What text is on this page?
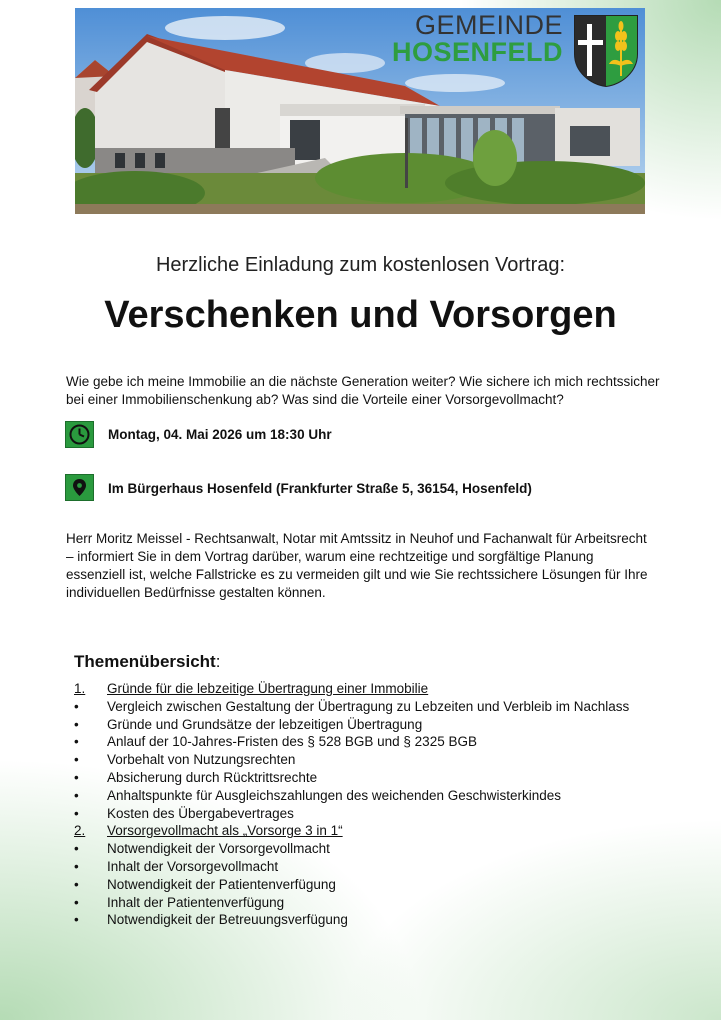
GEMEINDE
HOSENFELD
Herzliche Einladung zum kostenlosen Vortrag:
Verschenken und Vorsorgen
Wie gebe ich meine Immobilie an die nächste Generation weiter? Wie sichere ich mich rechtssicher bei einer Immobilienschenkung ab? Was sind die Vorteile einer Vorsorgevollmacht?
Montag, 04. Mai 2026 um 18:30 Uhr
Im Bürgerhaus Hosenfeld (Frankfurter Straße 5, 36154, Hosenfeld)
Herr Moritz Meissel - Rechtsanwalt, Notar mit Amtssitz in Neuhof und Fachanwalt für Arbeitsrecht – informiert Sie in dem Vortrag darüber, warum eine rechtzeitige und sorgfältige Planung essenziell ist, welche Fallstricke es zu vermeiden gilt und wie Sie rechtssichere Lösungen für Ihre individuellen Bedürfnisse gestalten können.
Themenübersicht:
1.	Gründe für die lebzeitige Übertragung einer Immobilie
•	Vergleich zwischen Gestaltung der Übertragung zu Lebzeiten und Verbleib im Nachlass
•	Gründe und Grundsätze der lebzeitigen Übertragung
•	Anlauf der 10-Jahres-Fristen des § 528 BGB und § 2325 BGB
•	Vorbehalt von Nutzungsrechten
•	Absicherung durch Rücktrittsrechte
•	Anhaltspunkte für Ausgleichszahlungen des weichenden Geschwisterkindes
•	Kosten des Übergabevertrages
2.	Vorsorgevollmacht als „Vorsorge 3 in 1“
•	Notwendigkeit der Vorsorgevollmacht
•	Inhalt der Vorsorgevollmacht
•	Notwendigkeit der Patientenverfügung
•	Inhalt der Patientenverfügung
•	Notwendigkeit der Betreuungsverfügung
